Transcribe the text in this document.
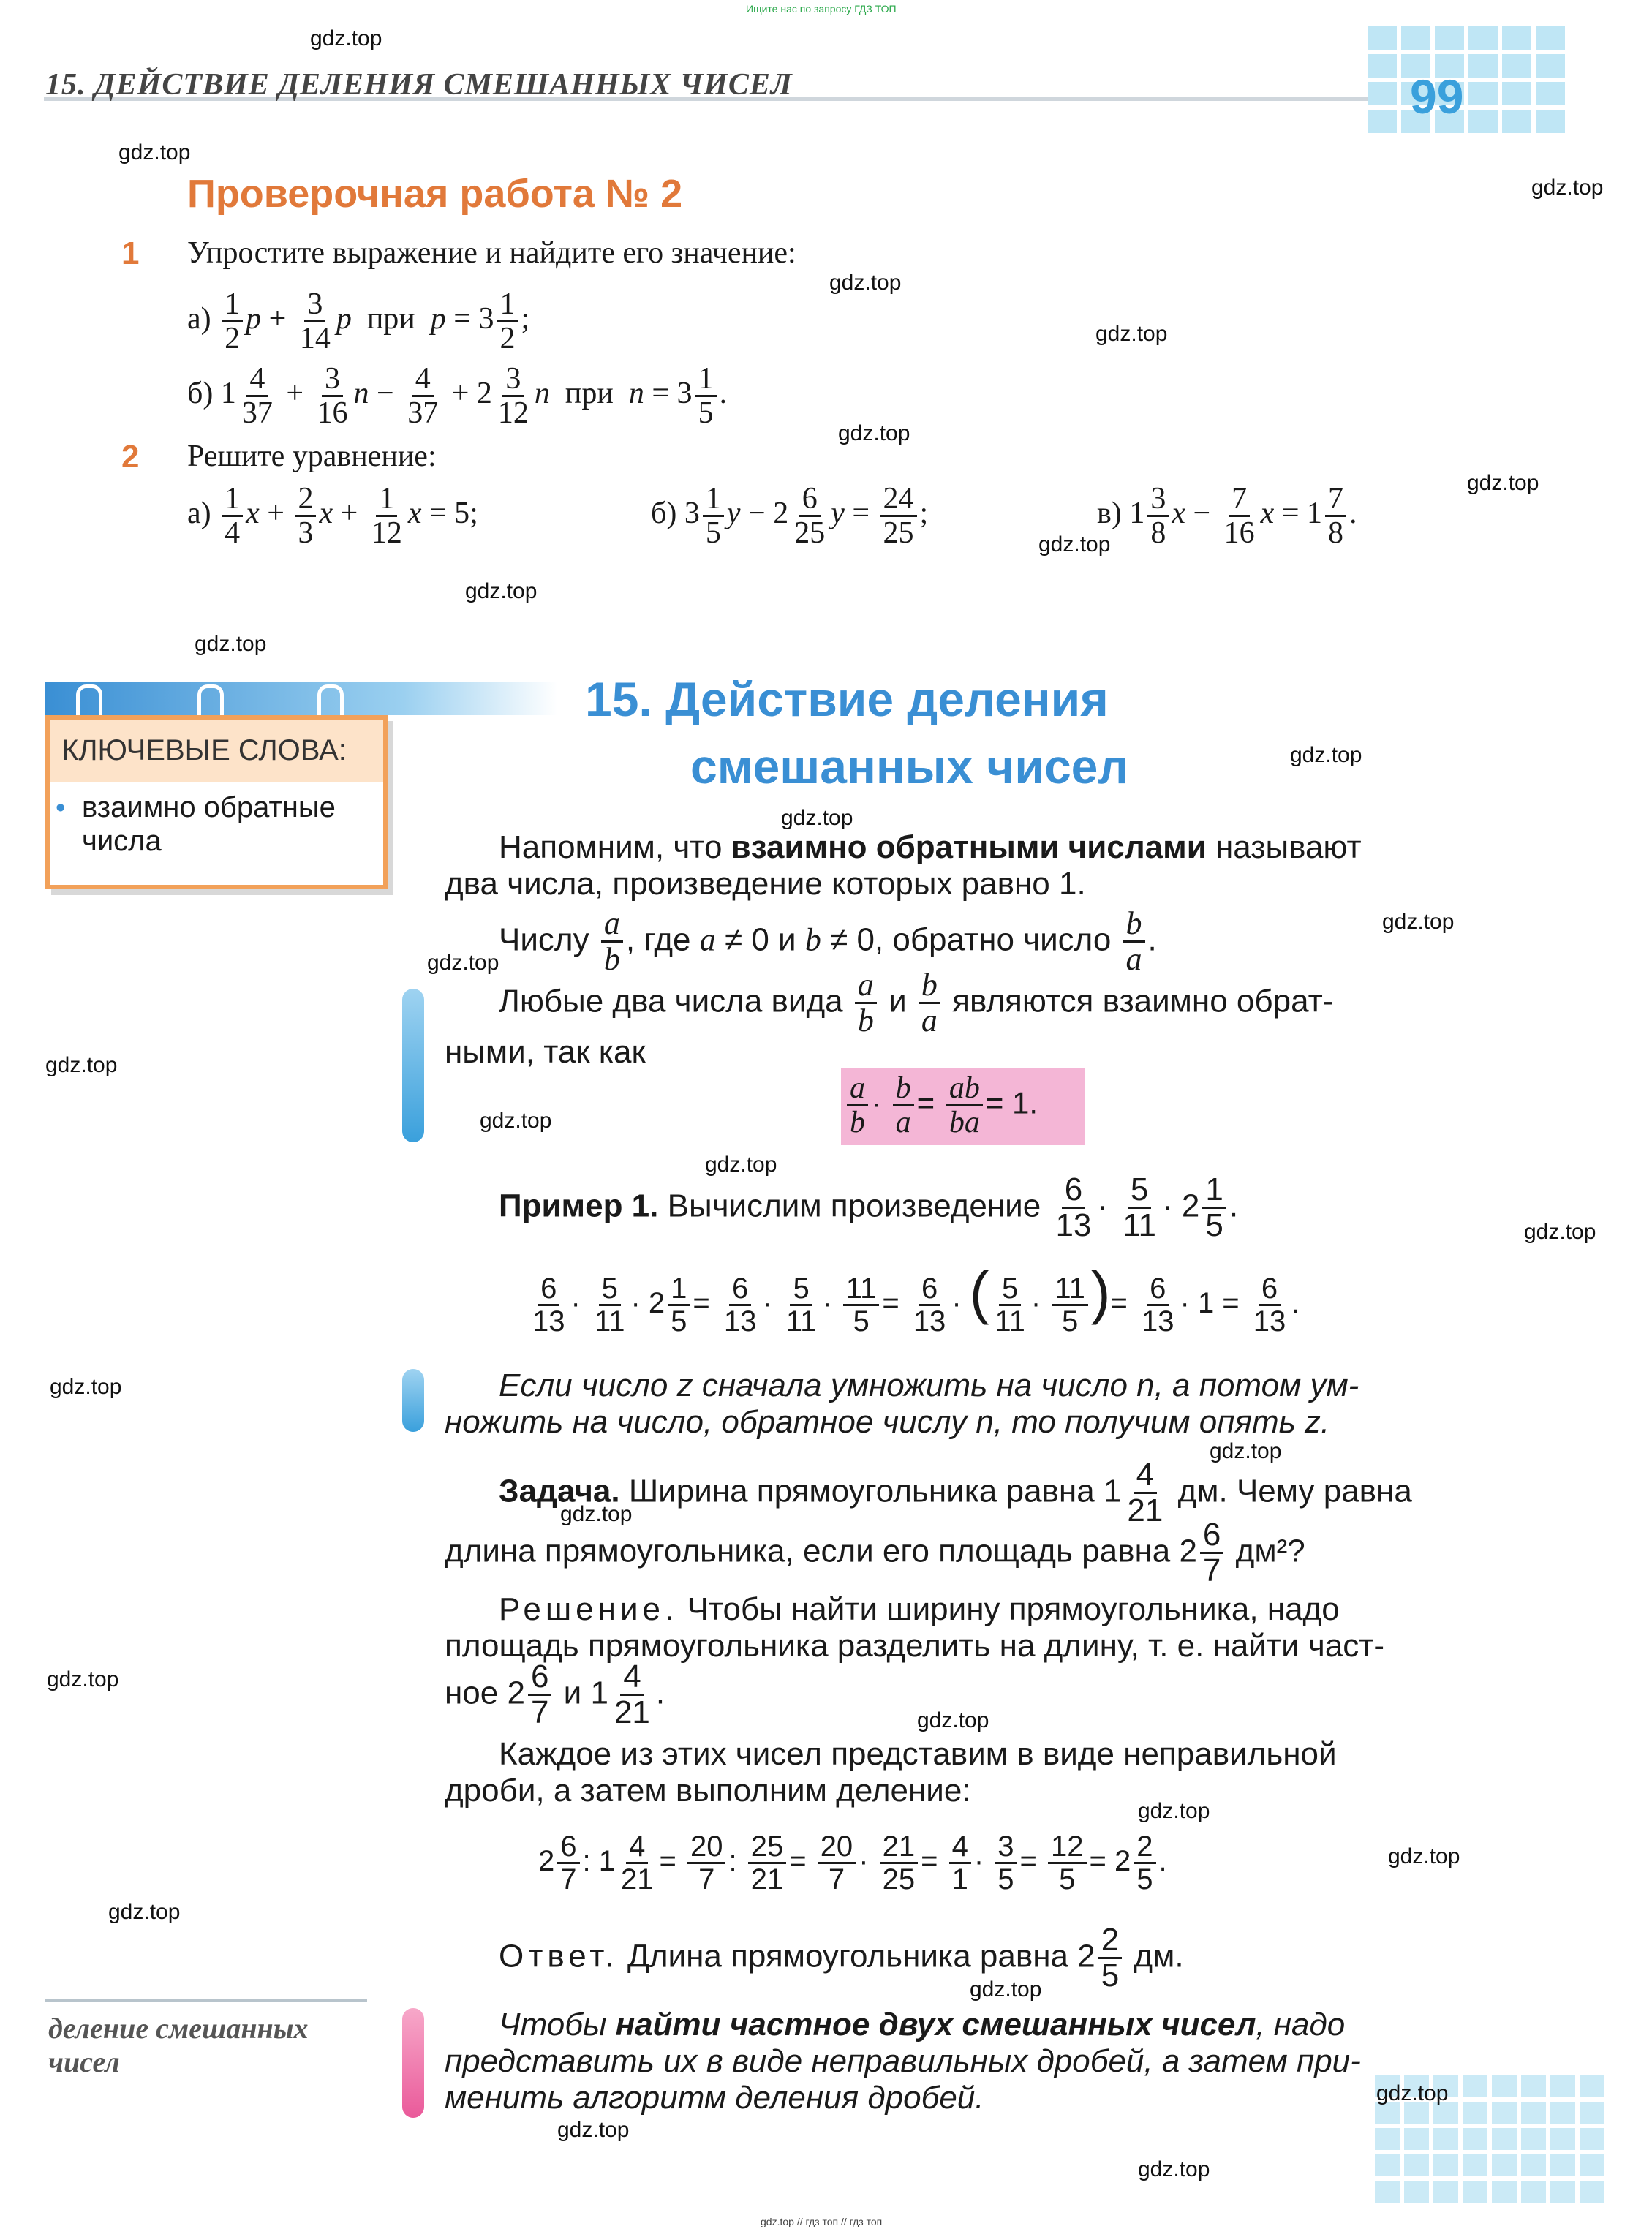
Ищите нас по запросу ГДЗ ТОП
gdz.top // гдз топ // гдз топ
15. ДЕЙСТВИЕ ДЕЛЕНИЯ СМЕШАННЫХ ЧИСЕЛ	99
Проверочная работа № 2
1 Упростите выражение и найдите его значение:
$а) \frac{1}{2}$ $p + \frac{3}{14}$ p при $p = 3 \frac{1}{2}$ ;
б) $1 \frac{4}{37} + \frac{3}{16}$ $n - \frac{4}{37} + 2 \frac{3}{12}$ n при $n = 3 \frac{1}{5}$ .
2 Решите уравнение:
$а) \frac{1}{4}$ $x + \frac{2}{3}$ $x + \frac{1}{12}$ x = 5;	б) $3 \frac{1}{5}$ $y - 2 \frac{6}{25}$ $y = \frac{24}{25}$ ;	в) $1 \frac{3}{8}$ $x - \frac{7}{16}$ $x = 1 \frac{7}{8}$ .
КЛЮЧЕВЫЕ СЛОВА:
• взаимно обратные
числа
15. Действие деления
смешанных чисел
Напомним, что взаимно обратными числами называют
два числа, произведение которых равно 1.
Числу $\frac{a}{b}$ , где a ≠ 0 и b ≠ 0, обратно число $\frac{b}{a}$ .
Любые два числа вида $\frac{a}{b}$ и $\frac{b}{a}$ являются взаимно обрат-
ными, так как
$\frac{a}{b} \cdot \frac{b}{a} = \frac{ab}{ba} = 1$.
Пример 1. Вычислим произведение $\frac{6}{13} \cdot \frac{5}{11} \cdot 2 \frac{1}{5}$ .
$\frac{6}{13} \cdot \frac{5}{11} \cdot 2 \frac{1}{5} = \frac{6}{13} \cdot \frac{5}{11} \cdot \frac{11}{5} = \frac{6}{13}$ · ( $\frac{5}{11} \cdot \frac{11}{5}$ )= $\frac{6}{13} \cdot 1 = \frac{6}{13}$ .
Если число z сначала умножить на число n, а потом ум-
ножить на число, обратное числу n, то получим опять z.
Задача. Ширина прямоугольника равна $1 \frac{4}{21}$ дм. Чему равна
длина прямоугольника, если его площадь равна $2 \frac{6}{7} дм^2$?
Решение. Чтобы найти ширину прямоугольника, надо
площадь прямоугольника разделить на длину, т. е. найти част-
ное $2 \frac{6}{7}$ и $1 \frac{4}{21}$ .
Каждое из этих чисел представим в виде неправильной
дроби, а затем выполним деление:
$2 \frac{6}{7}$ : $1 \frac{4}{21} = \frac{20}{7}$ : $\frac{25}{21} = \frac{20}{7} \cdot \frac{21}{25} = \frac{4}{1} \cdot \frac{3}{5} = \frac{12}{5} = 2 \frac{2}{5}$ .
Ответ. Длина прямоугольника равна $2 \frac{2}{5}$ дм.
деление смешанных
чисел
Чтобы найти частное двух смешанных чисел, надо
представить их в виде неправильных дробей, а затем при-
менить алгоритм деления дробей.
gdz.top
gdz.top
gdz.top
gdz.top
gdz.top
gdz.top
gdz.top
gdz.top
gdz.top
gdz.top
gdz.top
gdz.top
gdz.top
gdz.top
gdz.top
gdz.top
gdz.top
gdz.top
gdz.top
gdz.top
gdz.top
gdz.top
gdz.top
gdz.top
gdz.top
gdz.top
gdz.top
gdz.top
gdz.top
gdz.top
